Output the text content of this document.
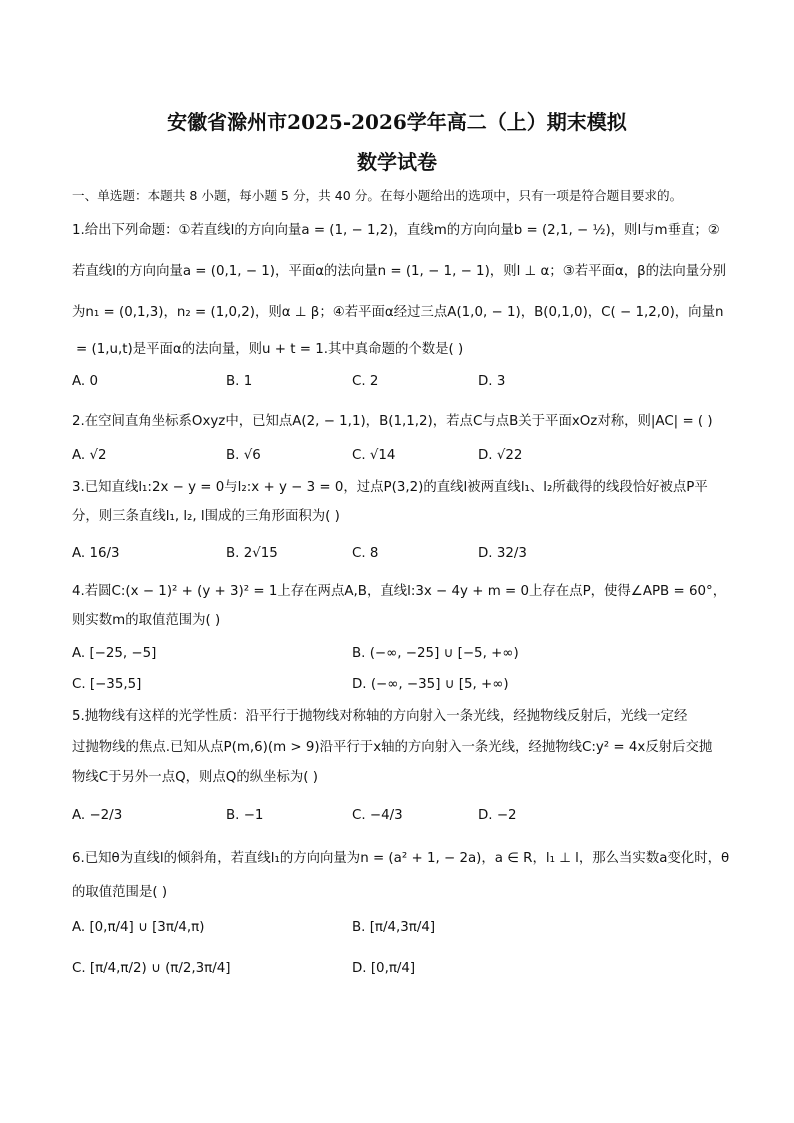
安徽省滁州市2025-2026学年高二（上）期末模拟
数学试卷
一、单选题：本题共 8 小题，每小题 5 分，共 40 分。在每小题给出的选项中，只有一项是符合题目要求的。
1.给出下列命题：①若直线l的方向向量a = (1, − 1,2)，直线m的方向向量b = (2,1, − ½)，则l与m垂直；②
若直线l的方向向量a = (0,1, − 1)，平面α的法向量n = (1, − 1, − 1)，则l ⊥ α；③若平面α，β的法向量分别
为n₁ = (0,1,3)，n₂ = (1,0,2)，则α ⊥ β；④若平面α经过三点A(1,0, − 1)，B(0,1,0)，C( − 1,2,0)，向量n
= (1,u,t)是平面α的法向量，则u + t = 1.其中真命题的个数是( )
A. 0	B. 1	C. 2	D. 3
2.在空间直角坐标系Oxyz中，已知点A(2, − 1,1)，B(1,1,2)，若点C与点B关于平面xOz对称，则|AC| = ( )
A. √2	B. √6	C. √14	D. √22
3.已知直线l₁:2x − y = 0与l₂:x + y − 3 = 0，过点P(3,2)的直线l被两直线l₁、l₂所截得的线段恰好被点P平
分，则三条直线l₁, l₂, l围成的三角形面积为( )
A. 16/3	B. 2√15	C. 8	D. 32/3
4.若圆C:(x − 1)² + (y + 3)² = 1上存在两点A,B，直线l:3x − 4y + m = 0上存在点P，使得∠APB = 60°，
则实数m的取值范围为( )
A. [−25, −5]	B. (−∞, −25] ∪ [−5, +∞)
C. [−35,5]	D. (−∞, −35] ∪ [5, +∞)
5.抛物线有这样的光学性质：沿平行于抛物线对称轴的方向射入一条光线，经抛物线反射后，光线一定经
过抛物线的焦点.已知从点P(m,6)(m > 9)沿平行于x轴的方向射入一条光线，经抛物线C:y² = 4x反射后交抛
物线C于另外一点Q，则点Q的纵坐标为( )
A. −2/3	B. −1	C. −4/3	D. −2
6.已知θ为直线l的倾斜角，若直线l₁的方向向量为n = (a² + 1, − 2a)，a ∈ R，l₁ ⊥ l，那么当实数a变化时，θ
的取值范围是( )
A. [0,π/4] ∪ [3π/4,π)	B. [π/4,3π/4]
C. [π/4,π/2) ∪ (π/2,3π/4]	D. [0,π/4]
